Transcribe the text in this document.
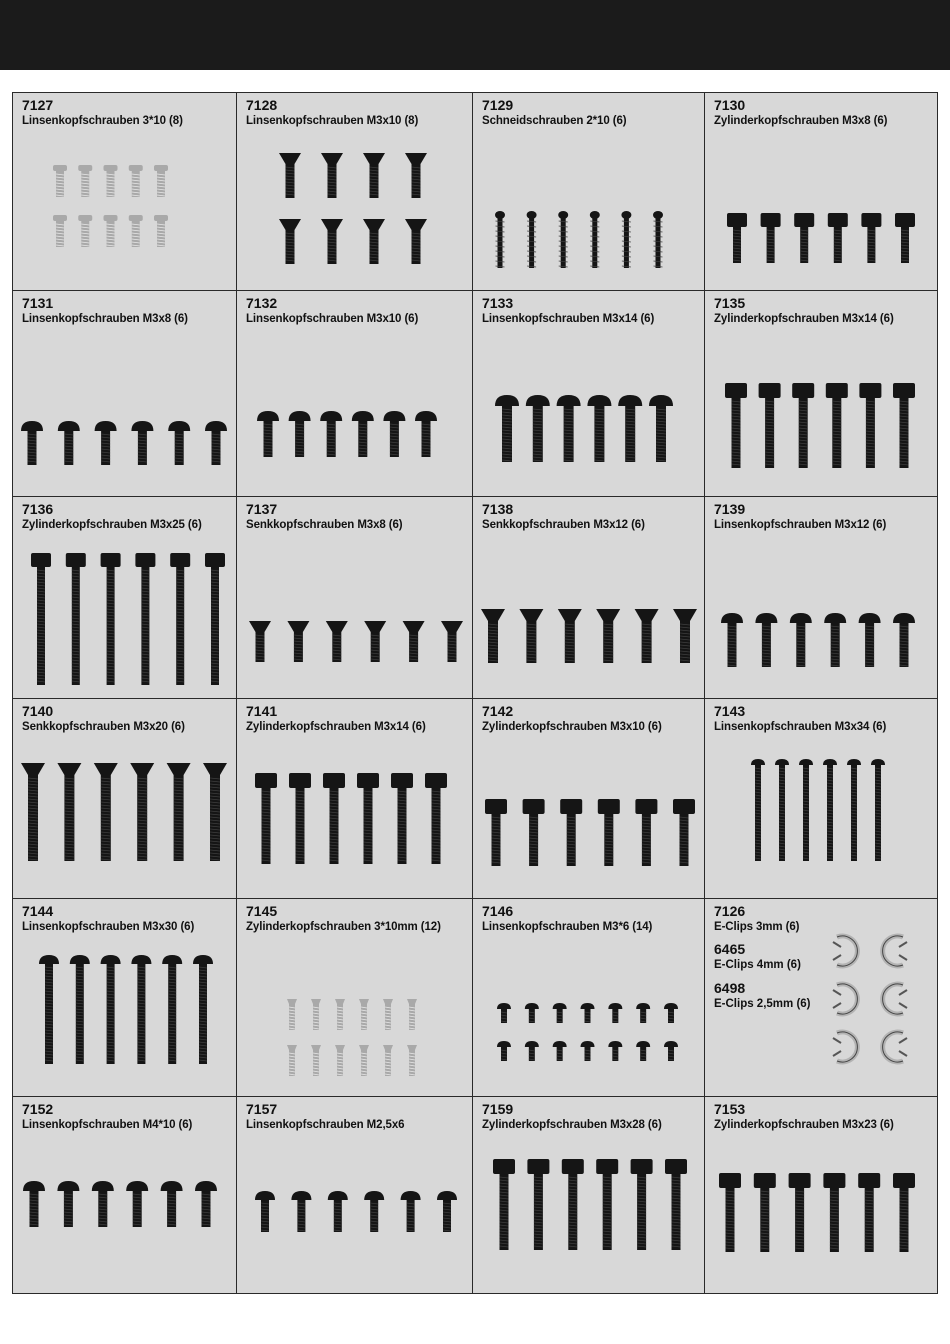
7127
Linsenkopfschrauben 3*10 (8)
7128
Linsenkopfschrauben M3x10 (8)
7129
Schneidschrauben 2*10 (6)
7130
Zylinderkopfschrauben M3x8 (6)
7131
Linsenkopfschrauben M3x8 (6)
7132
Linsenkopfschrauben M3x10 (6)
7133
Linsenkopfschrauben M3x14 (6)
7135
Zylinderkopfschrauben M3x14 (6)
7136
Zylinderkopfschrauben M3x25 (6)
7137
Senkkopfschrauben M3x8 (6)
7138
Senkkopfschrauben M3x12 (6)
7139
Linsenkopfschrauben M3x12 (6)
7140
Senkkopfschrauben M3x20 (6)
7141
Zylinderkopfschrauben M3x14 (6)
7142
Zylinderkopfschrauben M3x10 (6)
7143
Linsenkopfschrauben M3x34 (6)
7144
Linsenkopfschrauben M3x30 (6)
7145
Zylinderkopfschrauben 3*10mm (12)
7146
Linsenkopfschrauben M3*6 (14)
7126
E-Clips 3mm (6)
6465
E-Clips 4mm (6)
6498
E-Clips 2,5mm (6)
7152
Linsenkopfschrauben M4*10 (6)
7157
Linsenkopfschrauben M2,5x6
7159
Zylinderkopfschrauben M3x28 (6)
7153
Zylinderkopfschrauben M3x23 (6)
